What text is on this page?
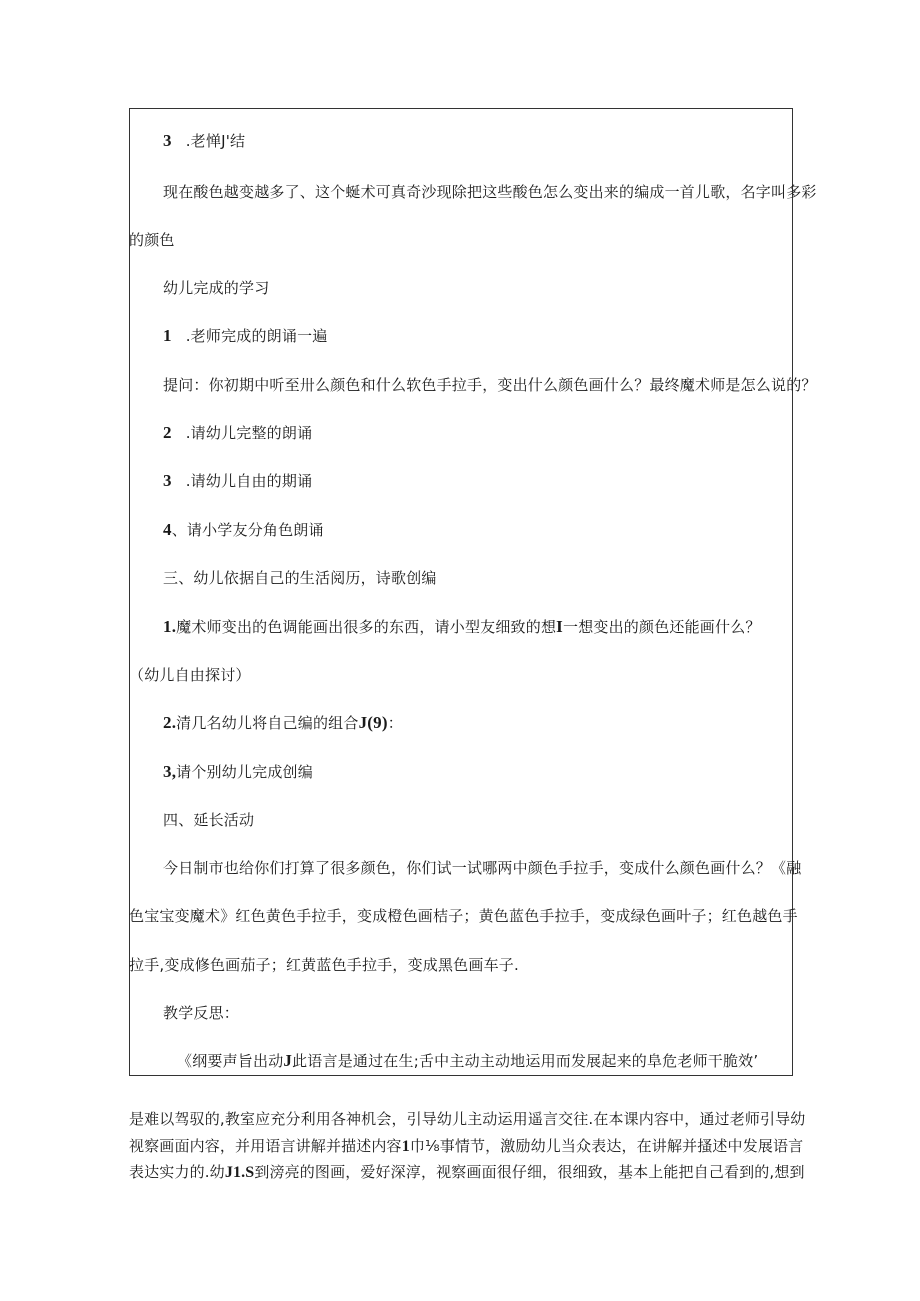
3 .老惮J'结
现在酸色越变越多了、这个蜒术可真奇沙现除把这些酸色怎么变出来的编成一首儿歌，名字叫多彩
的颜色
幼儿完成的学习
1 .老师完成的朗诵一遍
提问：你初期中听至卅么颜色和什么软色手拉手，变出什么颜色画什么？最终魔术师是怎么说的？
2 .请幼儿完整的朗诵
3 .请幼儿自由的期诵
4、请小学友分角色朗诵
三、幼儿依据自己的生活阅历，诗歌创编
1.魔术师变出的色调能画出很多的东西，请小型友细致的想I一想变出的颜色还能画什么？
（幼儿自由探讨）
2.清几名幼儿将自己编的组合J(9)：
3,请个别幼儿完成创编
四、延长活动
今日制市也给你们打算了很多颜色，你们试一试哪两中颜色手拉手，变成什么颜色画什么？《融
色宝宝变魔术》红色黄色手拉手，变成橙色画桔子；黄色蓝色手拉手，变成绿色画叶子；红色越色手
拉手,变成修色画茄子；红黄蓝色手拉手，变成黑色画车子.
教学反思：
《纲要声旨出动J此语言是通过在生;舌中主动主动地运用而发展起来的阜危老师干脆效’
是难以驾驭的,教室应充分利用各神机会，引导幼儿主动运用遥言交往.在本课内容中，通过老师引导幼
视察画面内容，并用语言讲解并描述内容1巾⅛事情节，激励幼儿当众表达，在讲解并搔述中发展语言
表达实力的.幼J1.S到滂亮的图画，爱好深淳，视察画面很仔细，很细致，基本上能把自己看到的,想到
